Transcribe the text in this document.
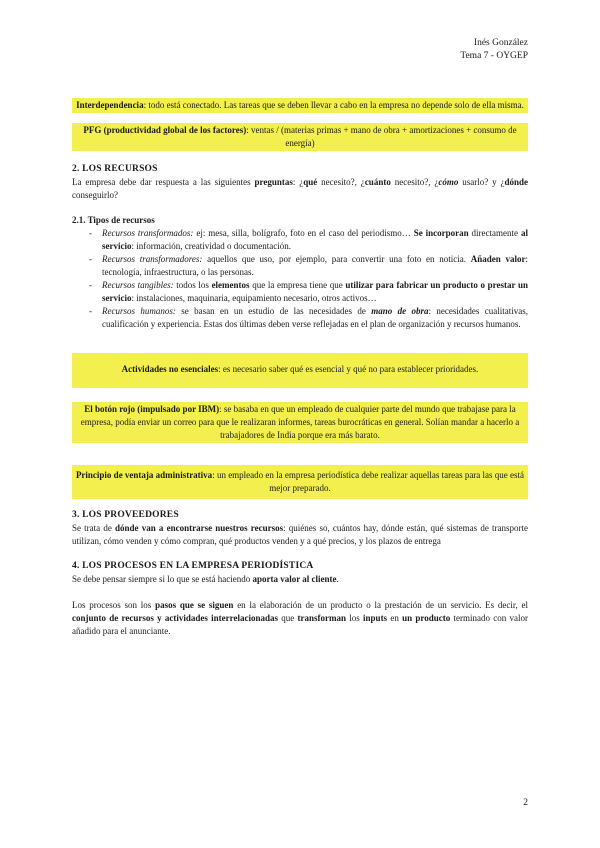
Inés González
Tema 7 - OYGEP
Interdependencia: todo está conectado. Las tareas que se deben llevar a cabo en la empresa no depende solo de ella misma.
PFG (productividad global de los factores): ventas / (materias primas + mano de obra + amortizaciones + consumo de energía)
2. LOS RECURSOS

La empresa debe dar respuesta a las siguientes preguntas: ¿qué necesito?, ¿cuánto necesito?, ¿cómo usarlo? y ¿dónde conseguirlo?

2.1. Tipos de recursos
- Recursos transformados: ej: mesa, silla, bolígrafo, foto en el caso del periodismo… Se incorporan directamente al servicio: información, creatividad o documentación.
- Recursos transformadores: aquellos que uso, por ejemplo, para convertir una foto en noticia. Añaden valor: tecnología, infraestructura, o las personas.
- Recursos tangibles: todos los elementos que la empresa tiene que utilizar para fabricar un producto o prestar un servicio: instalaciones, maquinaria, equipamiento necesario, otros activos…
- Recursos humanos: se basan en un estudio de las necesidades de mano de obra: necesidades cualitativas, cualificación y experiencia. Estas dos últimas deben verse reflejadas en el plan de organización y recursos humanos.
Actividades no esenciales: es necesario saber qué es esencial y qué no para establecer prioridades.
El botón rojo (impulsado por IBM): se basaba en que un empleado de cualquier parte del mundo que trabajase para la empresa, podía enviar un correo para que le realizaran informes, tareas burocráticas en general. Solían mandar a hacerlo a trabajadores de India porque era más barato.
Principio de ventaja administrativa: un empleado en la empresa periodística debe realizar aquellas tareas para las que está mejor preparado.
3. LOS PROVEEDORES

Se trata de dónde van a encontrarse nuestros recursos: quiénes so, cuántos hay, dónde están, qué sistemas de transporte utilizan, cómo venden y cómo compran, qué productos venden y a qué precios, y los plazos de entrega

4. LOS PROCESOS EN LA EMPRESA PERIODÍSTICA

Se debe pensar siempre si lo que se está haciendo aporta valor al cliente.

Los procesos son los pasos que se siguen en la elaboración de un producto o la prestación de un servicio. Es decir, el conjunto de recursos y actividades interrelacionadas que transforman los inputs en un producto terminado con valor añadido para el anunciante.

2
